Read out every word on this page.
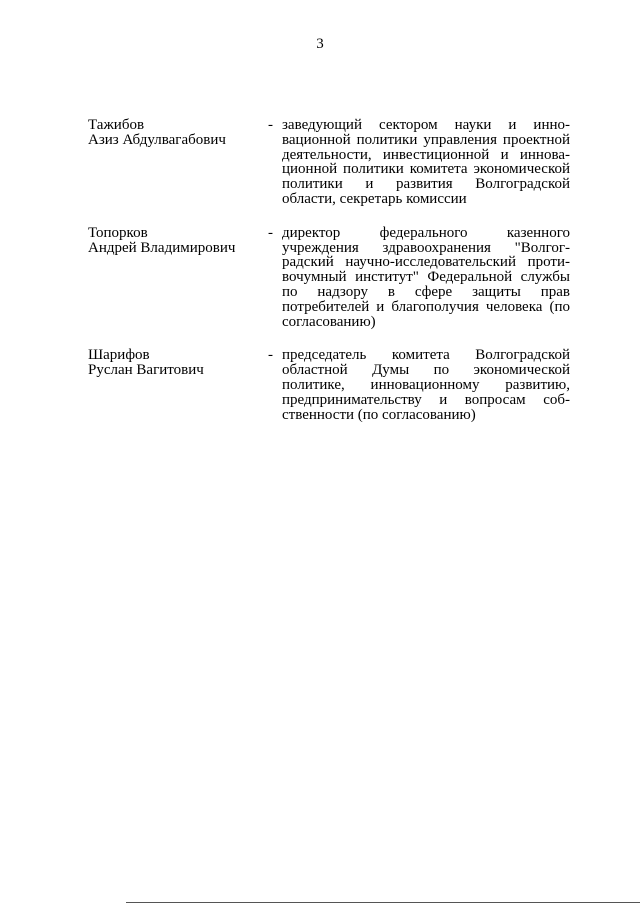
3
Тажибов
Азиз Абдулвагабович
- заведующий сектором науки и инно-
вационной политики управления проектной
деятельности, инвестиционной и иннова-
ционной политики комитета экономической
политики и развития Волгоградской
области, секретарь комиссии
Топорков
Андрей Владимирович
- директор федерального казенного
учреждения здравоохранения "Волгог-
радский научно-исследовательский проти-
вочумный институт" Федеральной службы
по надзору в сфере защиты прав
потребителей и благополучия человека (по
согласованию)
Шарифов
Руслан Вагитович
- председатель комитета Волгоградской
областной Думы по экономической
политике, инновационному развитию,
предпринимательству и вопросам соб-
ственности (по согласованию)
